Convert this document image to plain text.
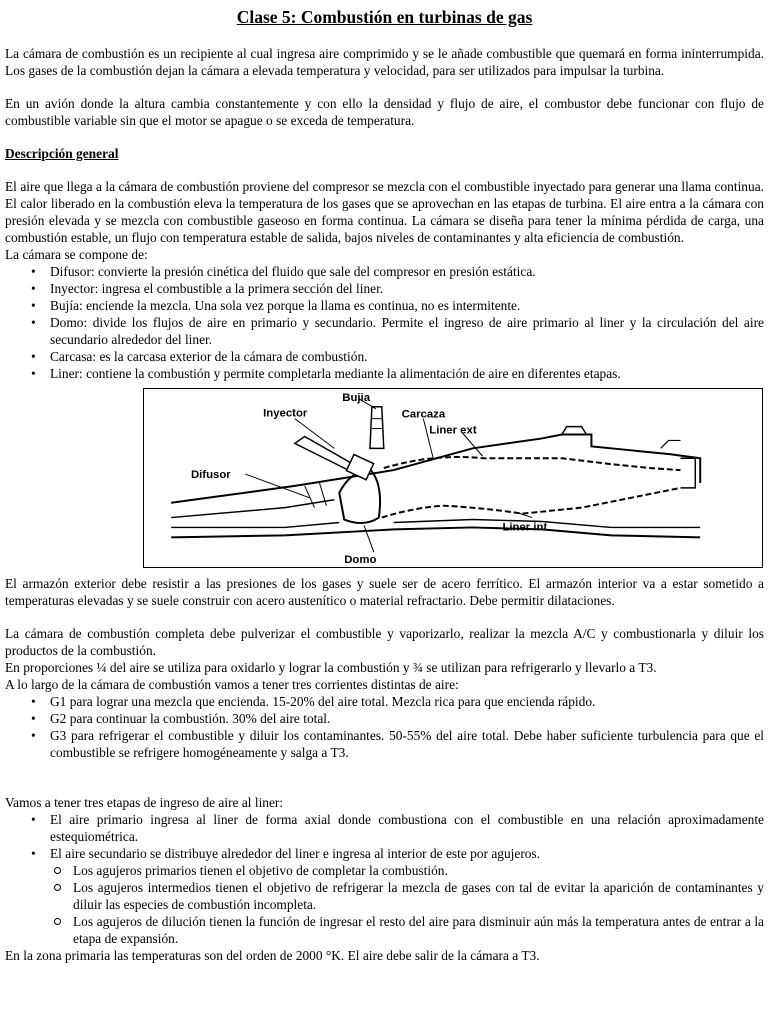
Clase 5: Combustión en turbinas de gas

La cámara de combustión es un recipiente al cual ingresa aire comprimido y se le añade combustible que quemará en forma ininterrumpida. Los gases de la combustión dejan la cámara a elevada temperatura y velocidad, para ser utilizados para impulsar la turbina.

En un avión donde la altura cambia constantemente y con ello la densidad y flujo de aire, el combustor debe funcionar con flujo de combustible variable sin que el motor se apague o se exceda de temperatura.

Descripción general

El aire que llega a la cámara de combustión proviene del compresor se mezcla con el combustible inyectado para generar una llama continua. El calor liberado en la combustión eleva la temperatura de los gases que se aprovechan en las etapas de turbina. El aire entra a la cámara con presión elevada y se mezcla con combustible gaseoso en forma continua. La cámara se diseña para tener la mínima pérdida de carga, una combustión estable, un flujo con temperatura estable de salida, bajos niveles de contaminantes y alta eficiencia de combustión.

La cámara se compone de:

• Difusor: convierte la presión cinética del fluido que sale del compresor en presión estática.
• Inyector: ingresa el combustible a la primera sección del liner.
• Bujía: enciende la mezcla. Una sola vez porque la llama es continua, no es intermitente.
• Domo: divide los flujos de aire en primario y secundario. Permite el ingreso de aire primario al liner y la circulación del aire secundario alrededor del liner.
• Carcasa: es la carcasa exterior de la cámara de combustión.
• Liner: contiene la combustión y permite completarla mediante la alimentación de aire en diferentes etapas.
Bujia
Inyector	Carcaza
Liner ext
Difusor
Liner int
Domo

El armazón exterior debe resistir a las presiones de los gases y suele ser de acero ferrítico. El armazón interior va a estar sometido a temperaturas elevadas y se suele construir con acero austenítico o material refractario. Debe permitir dilataciones.

La cámara de combustión completa debe pulverizar el combustible y vaporizarlo, realizar la mezcla A/C y combustionarla y diluir los productos de la combustión.

En proporciones ¼ del aire se utiliza para oxidarlo y lograr la combustión y ¾ se utilizan para refrigerarlo y llevarlo a T3.

A lo largo de la cámara de combustión vamos a tener tres corrientes distintas de aire:

• G1 para lograr una mezcla que encienda. 15-20% del aire total. Mezcla rica para que encienda rápido.
• G2 para continuar la combustión. 30% del aire total.
• G3 para refrigerar el combustible y diluir los contaminantes. 50-55% del aire total. Debe haber suficiente turbulencia para que el combustible se refrigere homogéneamente y salga a T3.

Vamos a tener tres etapas de ingreso de aire al liner:

• El aire primario ingresa al liner de forma axial donde combustiona con el combustible en una relación aproximadamente estequiométrica.
• El aire secundario se distribuye alrededor del liner e ingresa al interior de este por agujeros.
Los agujeros primarios tienen el objetivo de completar la combustión.
Los agujeros intermedios tienen el objetivo de refrigerar la mezcla de gases con tal de evitar la aparición de contaminantes y diluir las especies de combustión incompleta.
Los agujeros de dilución tienen la función de ingresar el resto del aire para disminuir aún más la temperatura antes de entrar a la etapa de expansión.

En la zona primaria las temperaturas son del orden de 2000 °K. El aire debe salir de la cámara a T3.
